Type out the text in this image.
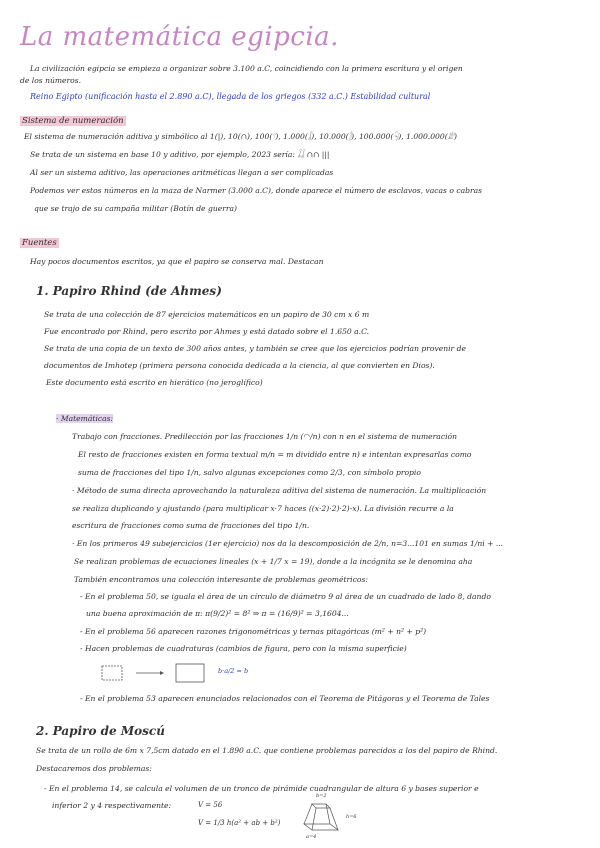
La matemática egipcia.
La civilización egipcia se empieza a organizar sobre 3.100 a.C, coincidiendo con la primera escritura y el origen
de los números.
Reino Egipto (unificación hasta el 2.890 a.C), llegada de los griegos (332 a.C.) Estabilidad cultural
Sistema de numeración
El sistema de numeración aditiva y simbólico al 1(|), 10(∩), 100(𓍢), 1.000(𓆼), 10.000(𓂭), 100.000(𓆐), 1.000.000(𓁨)
Se trata de un sistema en base 10 y aditivo, por ejemplo, 2023 sería: 𓆼𓆼 ∩∩ |||
Al ser un sistema aditivo, las operaciones aritméticas llegan a ser complicadas
Podemos ver estos números en la maza de Narmer (3.000 a.C), donde aparece el número de esclavos, vacas o cabras
que se trajo de su campaña militar (Botín de guerra)
Fuentes
Hay pocos documentos escritos, ya que el papiro se conserva mal. Destacan
1. Papiro Rhind (de Ahmes)
Se trata de una colección de 87 ejercicios matemáticos en un papiro de 30 cm x 6 m
Fue encontrado por Rhind, pero escrito por Ahmes y está datado sobre el 1.650 a.C.
Se trata de una copia de un texto de 300 años antes, y también se cree que los ejercicios podrían provenir de
documentos de Imhotep (primera persona conocida dedicada a la ciencia, al que convierten en Dios).
Este documento está escrito en hierático (no jeroglífico)
· Matemáticas:
Trabajo con fracciones. Predilección por las fracciones 1/n (◠/n) con n en el sistema de numeración
El resto de fracciones existen en forma textual m/n = m dividido entre n) e intentan expresarlas como
suma de fracciones del tipo 1/n, salvo algunas excepciones como 2/3, con símbolo propio
· Método de suma directa aprovechando la naturaleza aditiva del sistema de numeración. La multiplicación
se realiza duplicando y ajustando (para multiplicar x·7 haces ((x·2)·2)·2)-x). La división recurre a la
escritura de fracciones como suma de fracciones del tipo 1/n.
· En los primeros 49 subejercicios (1er ejercicio) nos da la descomposición de 2/n, n=3...101 en sumas 1/ni + ...
Se realizan problemas de ecuaciones lineales (x + 1/7 x = 19), donde a la incógnita se le denomina aha
También encontramos una colección interesante de problemas geométricos:
- En el problema 50, se iguala el área de un círculo de diámetro 9 al área de un cuadrado de lado 8, dando
una buena aproximación de π: π(9/2)² = 8² ⇒ π = (16/9)² = 3,1604...
- En el problema 56 aparecen razones trigonométricas y ternas pitagóricas (m² + n² + p²)
- Hacen problemas de cuadraturas (cambios de figura, pero con la misma superficie)
b·a/2 = b
- En el problema 53 aparecen enunciados relacionados con el Teorema de Pitágoras y el Teorema de Tales
2. Papiro de Moscú
Se trata de un rollo de 6m x 7,5cm datado en el 1.890 a.C. que contiene problemas parecidos a los del papiro de Rhind.
Destacaremos dos problemas:
- En el problema 14, se calcula el volumen de un tronco de pirámide cuadrangular de altura 6 y bases superior e
inferior 2 y 4 respectivamente:	V = 56
V = 1/3 h(a² + ab + b²)
b=2
h=6
a=4
